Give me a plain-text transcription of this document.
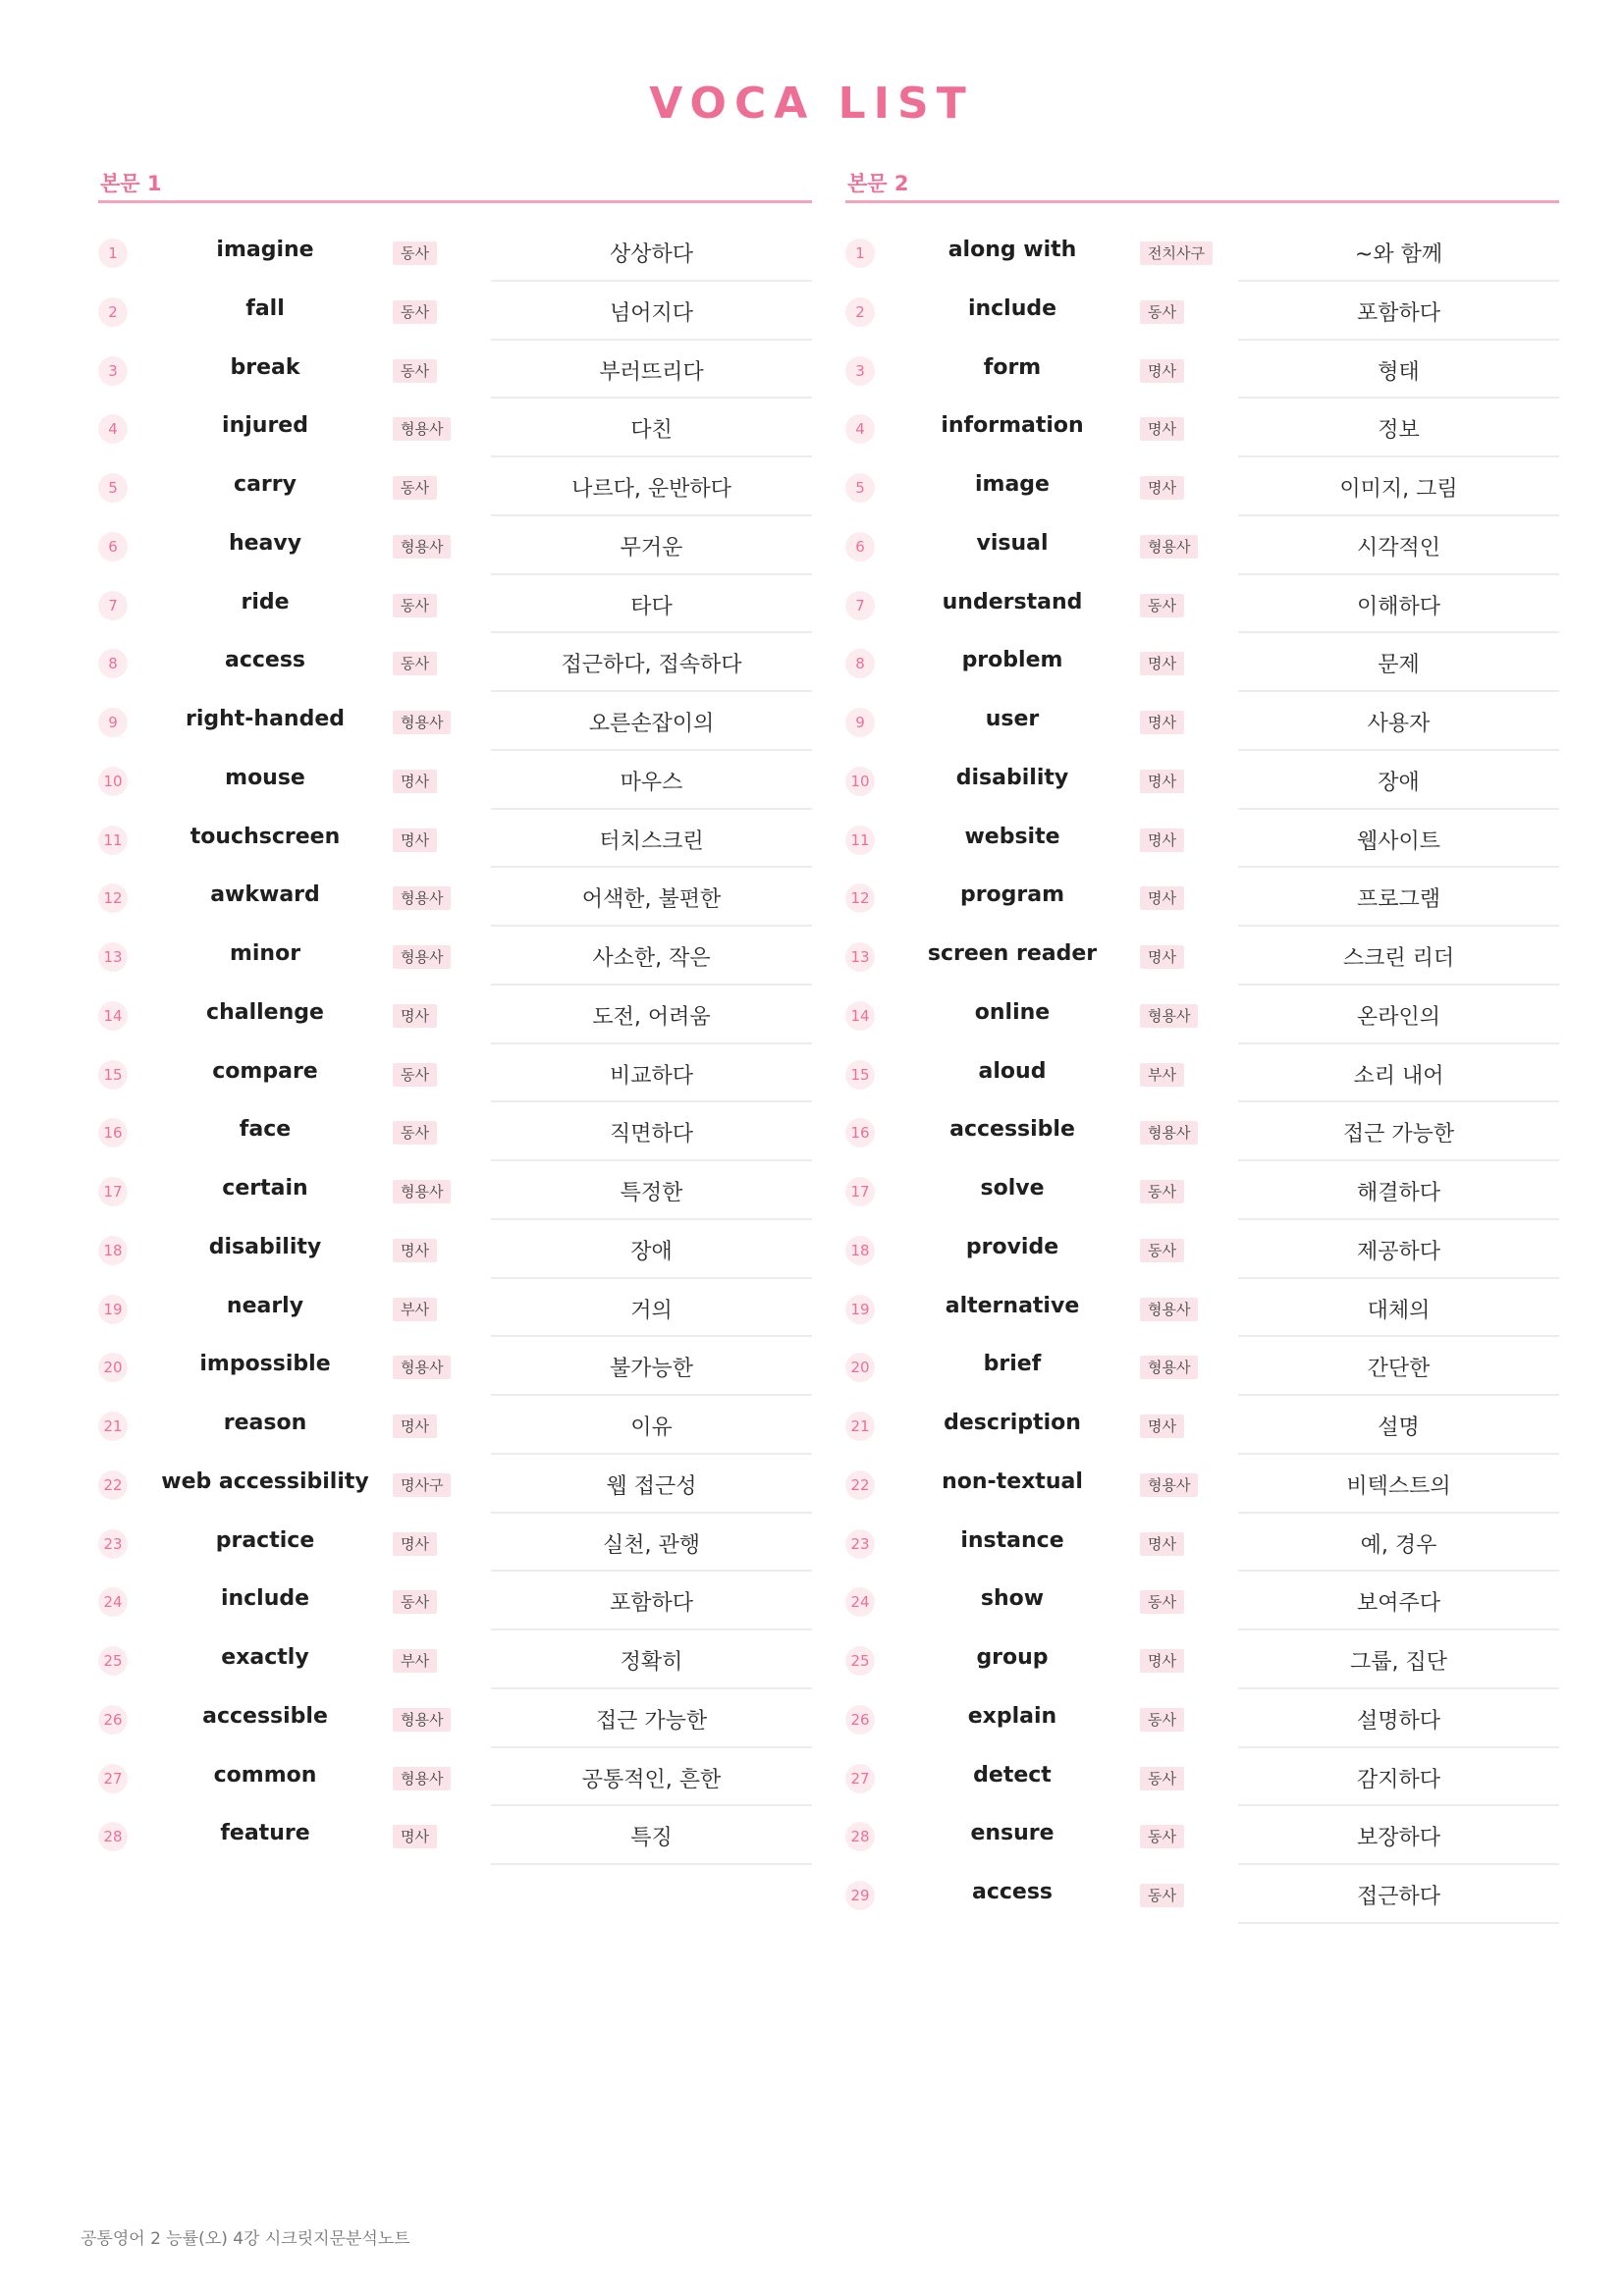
VOCA LIST
본문 1
1	imagine	동사	상상하다
2	fall	동사	넘어지다
3	break	동사	부러뜨리다
4	injured	형용사	다친
5	carry	동사	나르다, 운반하다
6	heavy	형용사	무거운
7	ride	동사	타다
8	access	동사	접근하다, 접속하다
9	right-handed	형용사	오른손잡이의
10	mouse	명사	마우스
11	touchscreen	명사	터치스크린
12	awkward	형용사	어색한, 불편한
13	minor	형용사	사소한, 작은
14	challenge	명사	도전, 어려움
15	compare	동사	비교하다
16	face	동사	직면하다
17	certain	형용사	특정한
18	disability	명사	장애
19	nearly	부사	거의
20	impossible	형용사	불가능한
21	reason	명사	이유
22 web accessibility	명사구	웹 접근성
23	practice	명사	실천, 관행
24	include	동사	포함하다
25	exactly	부사	정확히
26	accessible	형용사	접근 가능한
27	common	형용사	공통적인, 흔한
28	feature	명사	특징
본문 2
1	along with	전치사구	~와 함께
2	include	동사	포함하다
3	form	명사	형태
4	information	명사	정보
5	image	명사	이미지, 그림
6	visual	형용사	시각적인
7	understand	동사	이해하다
8	problem	명사	문제
9	user	명사	사용자
10	disability	명사	장애
11	website	명사	웹사이트
12	program	명사	프로그램
13	screen reader	명사	스크린 리더
14	online	형용사	온라인의
15	aloud	부사	소리 내어
16	accessible	형용사	접근 가능한
17	solve	동사	해결하다
18	provide	동사	제공하다
19	alternative	형용사	대체의
20	brief	형용사	간단한
21	description	명사	설명
22	non-textual	형용사	비텍스트의
23	instance	명사	예, 경우
24	show	동사	보여주다
25	group	명사	그룹, 집단
26	explain	동사	설명하다
27	detect	동사	감지하다
28	ensure	동사	보장하다
29	access	동사	접근하다
공통영어 2 능률(오) 4강 시크릿지문분석노트
